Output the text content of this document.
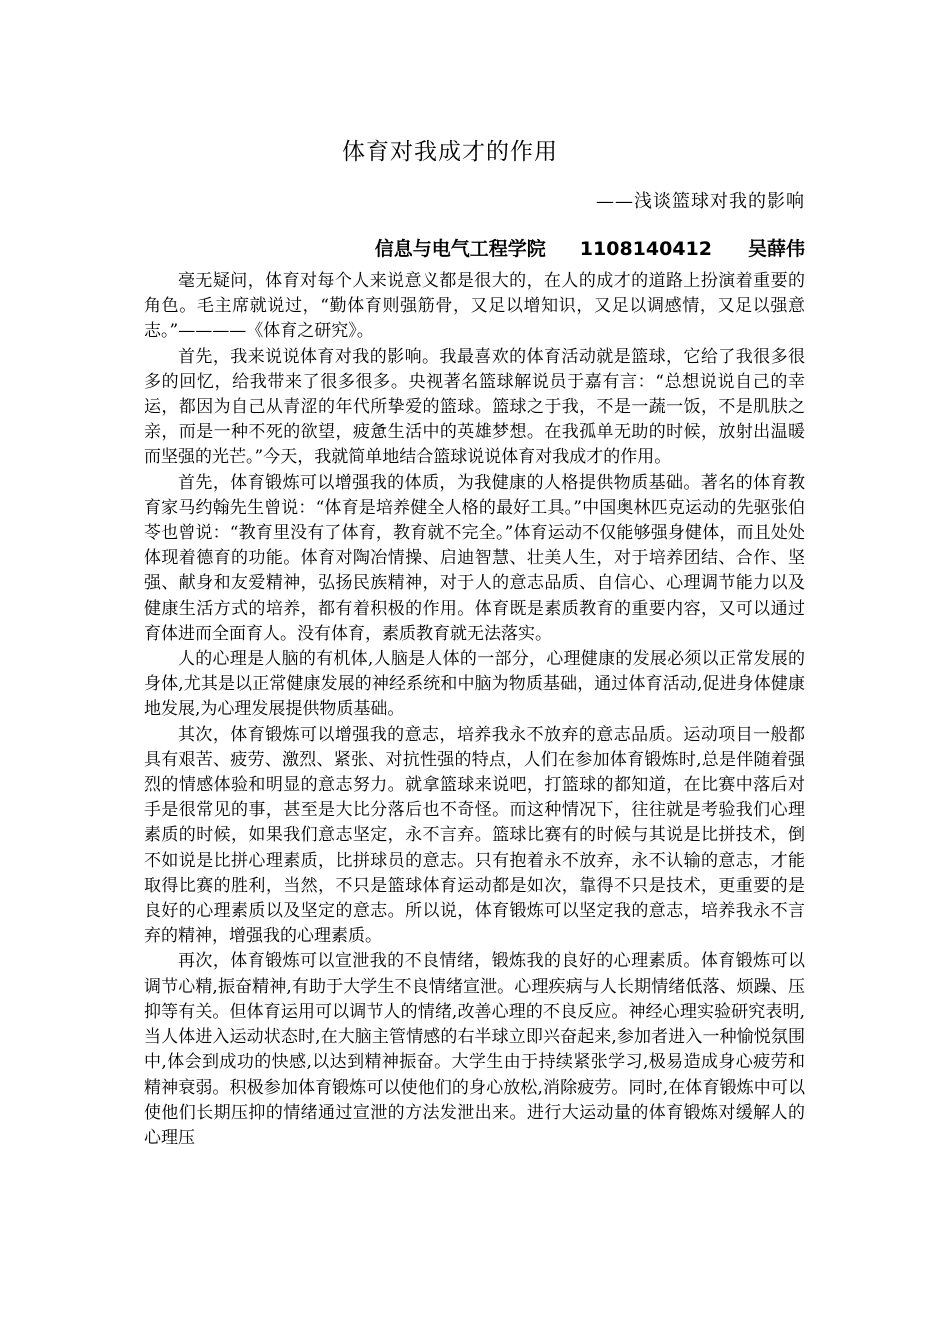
体育对我成才的作用
——浅谈篮球对我的影响
信息与电气工程学院 1108140412 吴薛伟

毫无疑问，体育对每个人来说意义都是很大的，在人的成才的道路上扮演着重要的角色。毛主席就说过，“勤体育则强筋骨，又足以增知识，又足以调感情，又足以强意志。”————《体育之研究》。

首先，我来说说体育对我的影响。我最喜欢的体育活动就是篮球，它给了我很多很多的回忆，给我带来了很多很多。央视著名篮球解说员于嘉有言：“总想说说自己的幸运，都因为自己从青涩的年代所挚爱的篮球。篮球之于我，不是一蔬一饭，不是肌肤之亲，而是一种不死的欲望，疲惫生活中的英雄梦想。在我孤单无助的时候，放射出温暖而坚强的光芒。”今天，我就简单地结合篮球说说体育对我成才的作用。

首先，体育锻炼可以增强我的体质，为我健康的人格提供物质基础。著名的体育教育家马约翰先生曾说：“体育是培养健全人格的最好工具。”中国奥林匹克运动的先驱张伯苓也曾说：“教育里没有了体育，教育就不完全。”体育运动不仅能够强身健体，而且处处体现着德育的功能。体育对陶冶情操、启迪智慧、壮美人生，对于培养团结、合作、坚强、献身和友爱精神，弘扬民族精神，对于人的意志品质、自信心、心理调节能力以及健康生活方式的培养，都有着积极的作用。体育既是素质教育的重要内容，又可以通过育体进而全面育人。没有体育，素质教育就无法落实。

人的心理是人脑的有机体,人脑是人体的一部分，心理健康的发展必须以正常发展的身体,尤其是以正常健康发展的神经系统和中脑为物质基础，通过体育活动,促进身体健康地发展,为心理发展提供物质基础。

其次，体育锻炼可以增强我的意志，培养我永不放弃的意志品质。运动项目一般都具有艰苦、疲劳、激烈、紧张、对抗性强的特点，人们在参加体育锻炼时,总是伴随着强烈的情感体验和明显的意志努力。就拿篮球来说吧，打篮球的都知道，在比赛中落后对手是很常见的事，甚至是大比分落后也不奇怪。而这种情况下，往往就是考验我们心理素质的时候，如果我们意志坚定，永不言弃。篮球比赛有的时候与其说是比拼技术，倒不如说是比拼心理素质，比拼球员的意志。只有抱着永不放弃，永不认输的意志，才能取得比赛的胜利，当然，不只是篮球体育运动都是如次，靠得不只是技术，更重要的是良好的心理素质以及坚定的意志。所以说，体育锻炼可以坚定我的意志，培养我永不言弃的精神，增强我的心理素质。

再次，体育锻炼可以宣泄我的不良情绪，锻炼我的良好的心理素质。体育锻炼可以调节心精,振奋精神,有助于大学生不良情绪宣泄。心理疾病与人长期情绪低落、烦躁、压抑等有关。但体育运用可以调节人的情绪,改善心理的不良反应。神经心理实验研究表明,当人体进入运动状态时,在大脑主管情感的右半球立即兴奋起来,参加者进入一种愉悦氛围中,体会到成功的快感,以达到精神振奋。大学生由于持续紧张学习,极易造成身心疲劳和精神衰弱。积极参加体育锻炼可以使他们的身心放松,消除疲劳。同时,在体育锻炼中可以使他们长期压抑的情绪通过宣泄的方法发泄出来。进行大运动量的体育锻炼对缓解人的心理压
